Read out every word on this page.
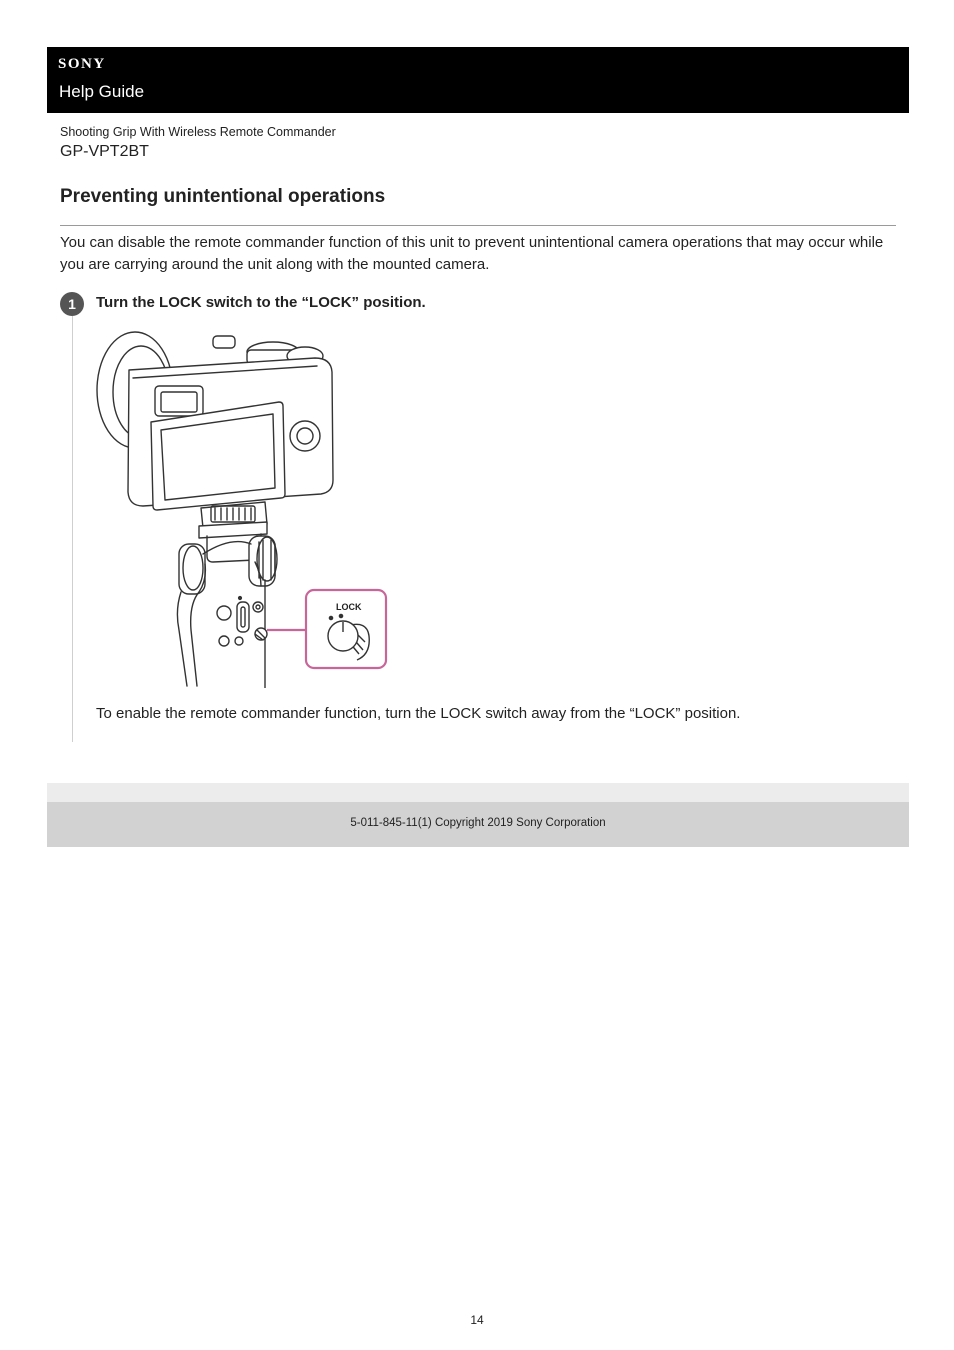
SONY
Help Guide
Shooting Grip With Wireless Remote Commander
GP-VPT2BT
Preventing unintentional operations

You can disable the remote commander function of this unit to prevent unintentional camera operations that may occur while you are carrying around the unit along with the mounted camera.

1	Turn the LOCK switch to the “LOCK” position.
LOCK

To enable the remote commander function, turn the LOCK switch away from the “LOCK” position.

5-011-845-11(1) Copyright 2019 Sony Corporation
14
